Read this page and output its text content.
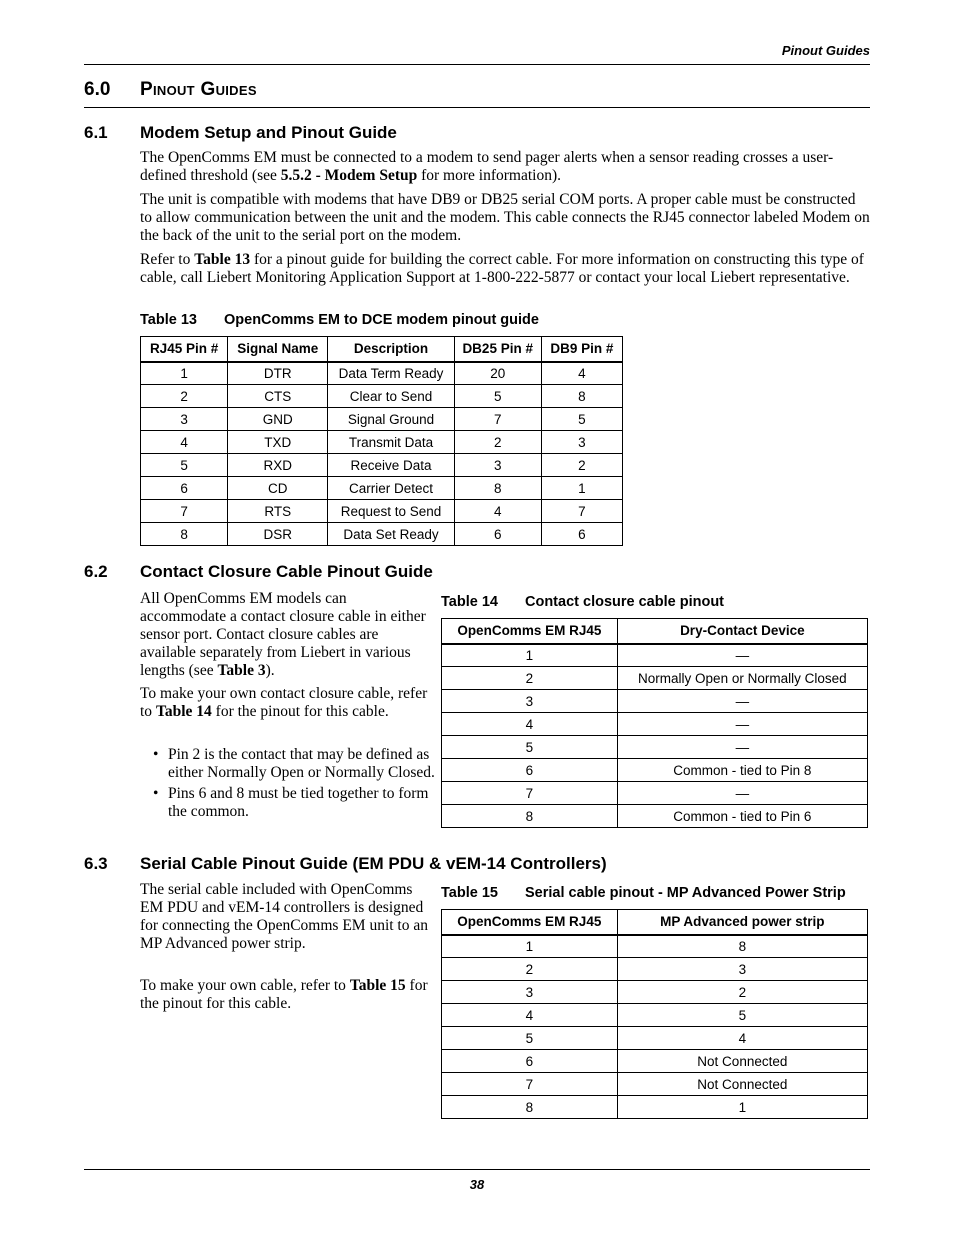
Pinout Guides
6.0 Pinout Guides
6.1 Modem Setup and Pinout Guide

The OpenComms EM must be connected to a modem to send pager alerts when a sensor reading crosses a user-defined threshold (see 5.5.2 - Modem Setup for more information).

The unit is compatible with modems that have DB9 or DB25 serial COM ports. A proper cable must be constructed to allow communication between the unit and the modem. This cable connects the RJ45 connector labeled Modem on the back of the unit to the serial port on the modem.

Refer to Table 13 for a pinout guide for building the correct cable. For more information on constructing this type of cable, call Liebert Monitoring Application Support at 1-800-222-5877 or contact your local Liebert representative.

Table 13 OpenComms EM to DCE modem pinout guide
RJ45 Pin #	Signal Name	Description	DB25 Pin #	DB9 Pin #
1	DTR	Data Term Ready	20	4
2	CTS	Clear to Send	5	8
3	GND	Signal Ground	7	5
4	TXD	Transmit Data	2	3
5	RXD	Receive Data	3	2
6	CD	Carrier Detect	8	1
7	RTS	Request to Send	4	7
8	DSR	Data Set Ready	6	6
6.2 Contact Closure Cable Pinout Guide

All OpenComms EM models can accommodate a contact closure cable in either sensor port. Contact closure cables are available separately from Liebert in various lengths (see Table 3).

To make your own contact closure cable, refer to Table 14 for the pinout for this cable.

• Pin 2 is the contact that may be defined as either Normally Open or Normally Closed.
• Pins 6 and 8 must be tied together to form the common.
Table 14 Contact closure cable pinout
OpenComms EM RJ45	Dry-Contact Device
1	—
2	Normally Open or Normally Closed
3	—
4	—
5	—
6	Common - tied to Pin 8
7	—
8	Common - tied to Pin 6
6.3 Serial Cable Pinout Guide (EM PDU & vEM-14 Controllers)

The serial cable included with OpenComms EM PDU and vEM-14 controllers is designed for connecting the OpenComms EM unit to an MP Advanced power strip.

To make your own cable, refer to Table 15 for the pinout for this cable.

Table 15 Serial cable pinout - MP Advanced Power Strip
OpenComms EM RJ45	MP Advanced power strip
1	8
2	3
3	2
4	5
5	4
6	Not Connected
7	Not Connected
8	1
38
